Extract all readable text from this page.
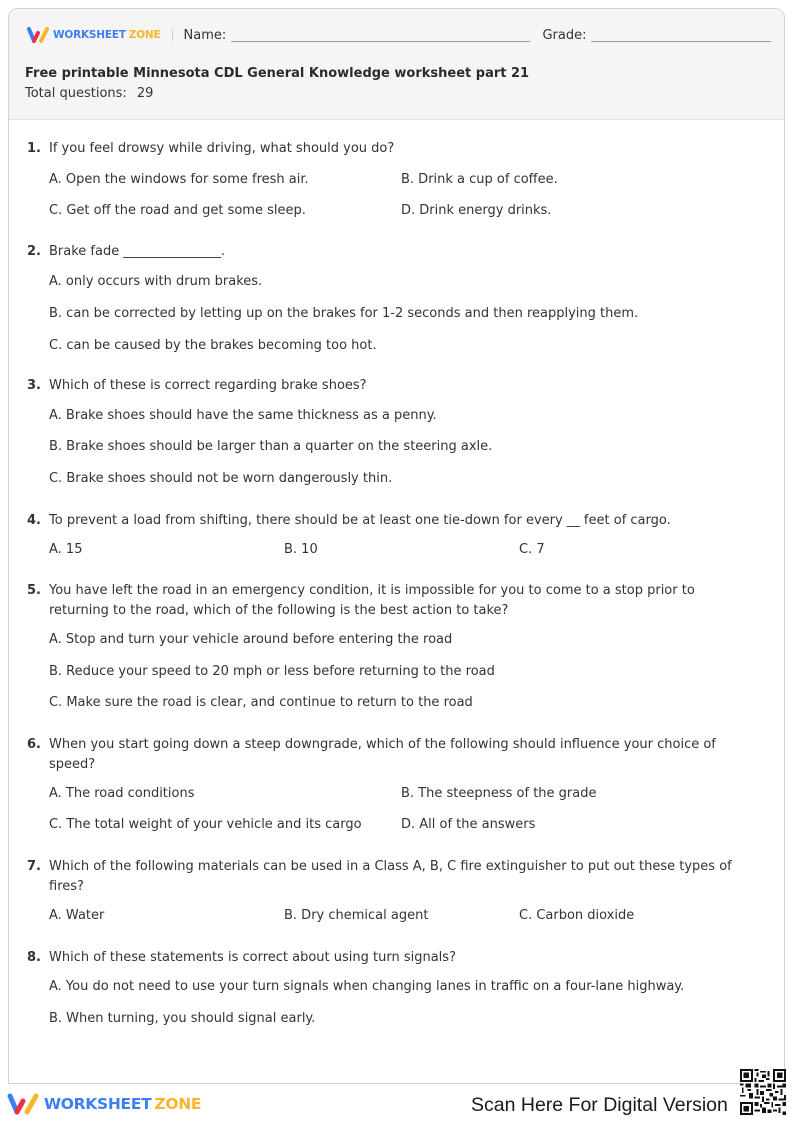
WORKSHEET ZONE Name:	Grade:
Free printable Minnesota CDL General Knowledge worksheet part 21
Total questions: 29
1. If you feel drowsy while driving, what should you do?
A. Open the windows for some fresh air.	B. Drink a cup of coffee.
C. Get off the road and get some sleep.	D. Drink energy drinks.
2. Brake fade _______________.
A. only occurs with drum brakes.
B. can be corrected by letting up on the brakes for 1-2 seconds and then reapplying them.
C. can be caused by the brakes becoming too hot.
3. Which of these is correct regarding brake shoes?
A. Brake shoes should have the same thickness as a penny.
B. Brake shoes should be larger than a quarter on the steering axle.
C. Brake shoes should not be worn dangerously thin.
4. To prevent a load from shifting, there should be at least one tie-down for every __ feet of cargo.
A. 15	B. 10	C. 7
5. You have left the road in an emergency condition, it is impossible for you to come to a stop prior to returning to the road, which of the following is the best action to take?
A. Stop and turn your vehicle around before entering the road
B. Reduce your speed to 20 mph or less before returning to the road
C. Make sure the road is clear, and continue to return to the road
6. When you start going down a steep downgrade, which of the following should influence your choice of speed?
A. The road conditions	B. The steepness of the grade
C. The total weight of your vehicle and its cargo	D. All of the answers
7. Which of the following materials can be used in a Class A, B, C fire extinguisher to put out these types of fires?
A. Water	B. Dry chemical agent	C. Carbon dioxide
8. Which of these statements is correct about using turn signals?
A. You do not need to use your turn signals when changing lanes in traffic on a four-lane highway.
B. When turning, you should signal early.
WORKSHEET ZONE	Scan Here For Digital Version
